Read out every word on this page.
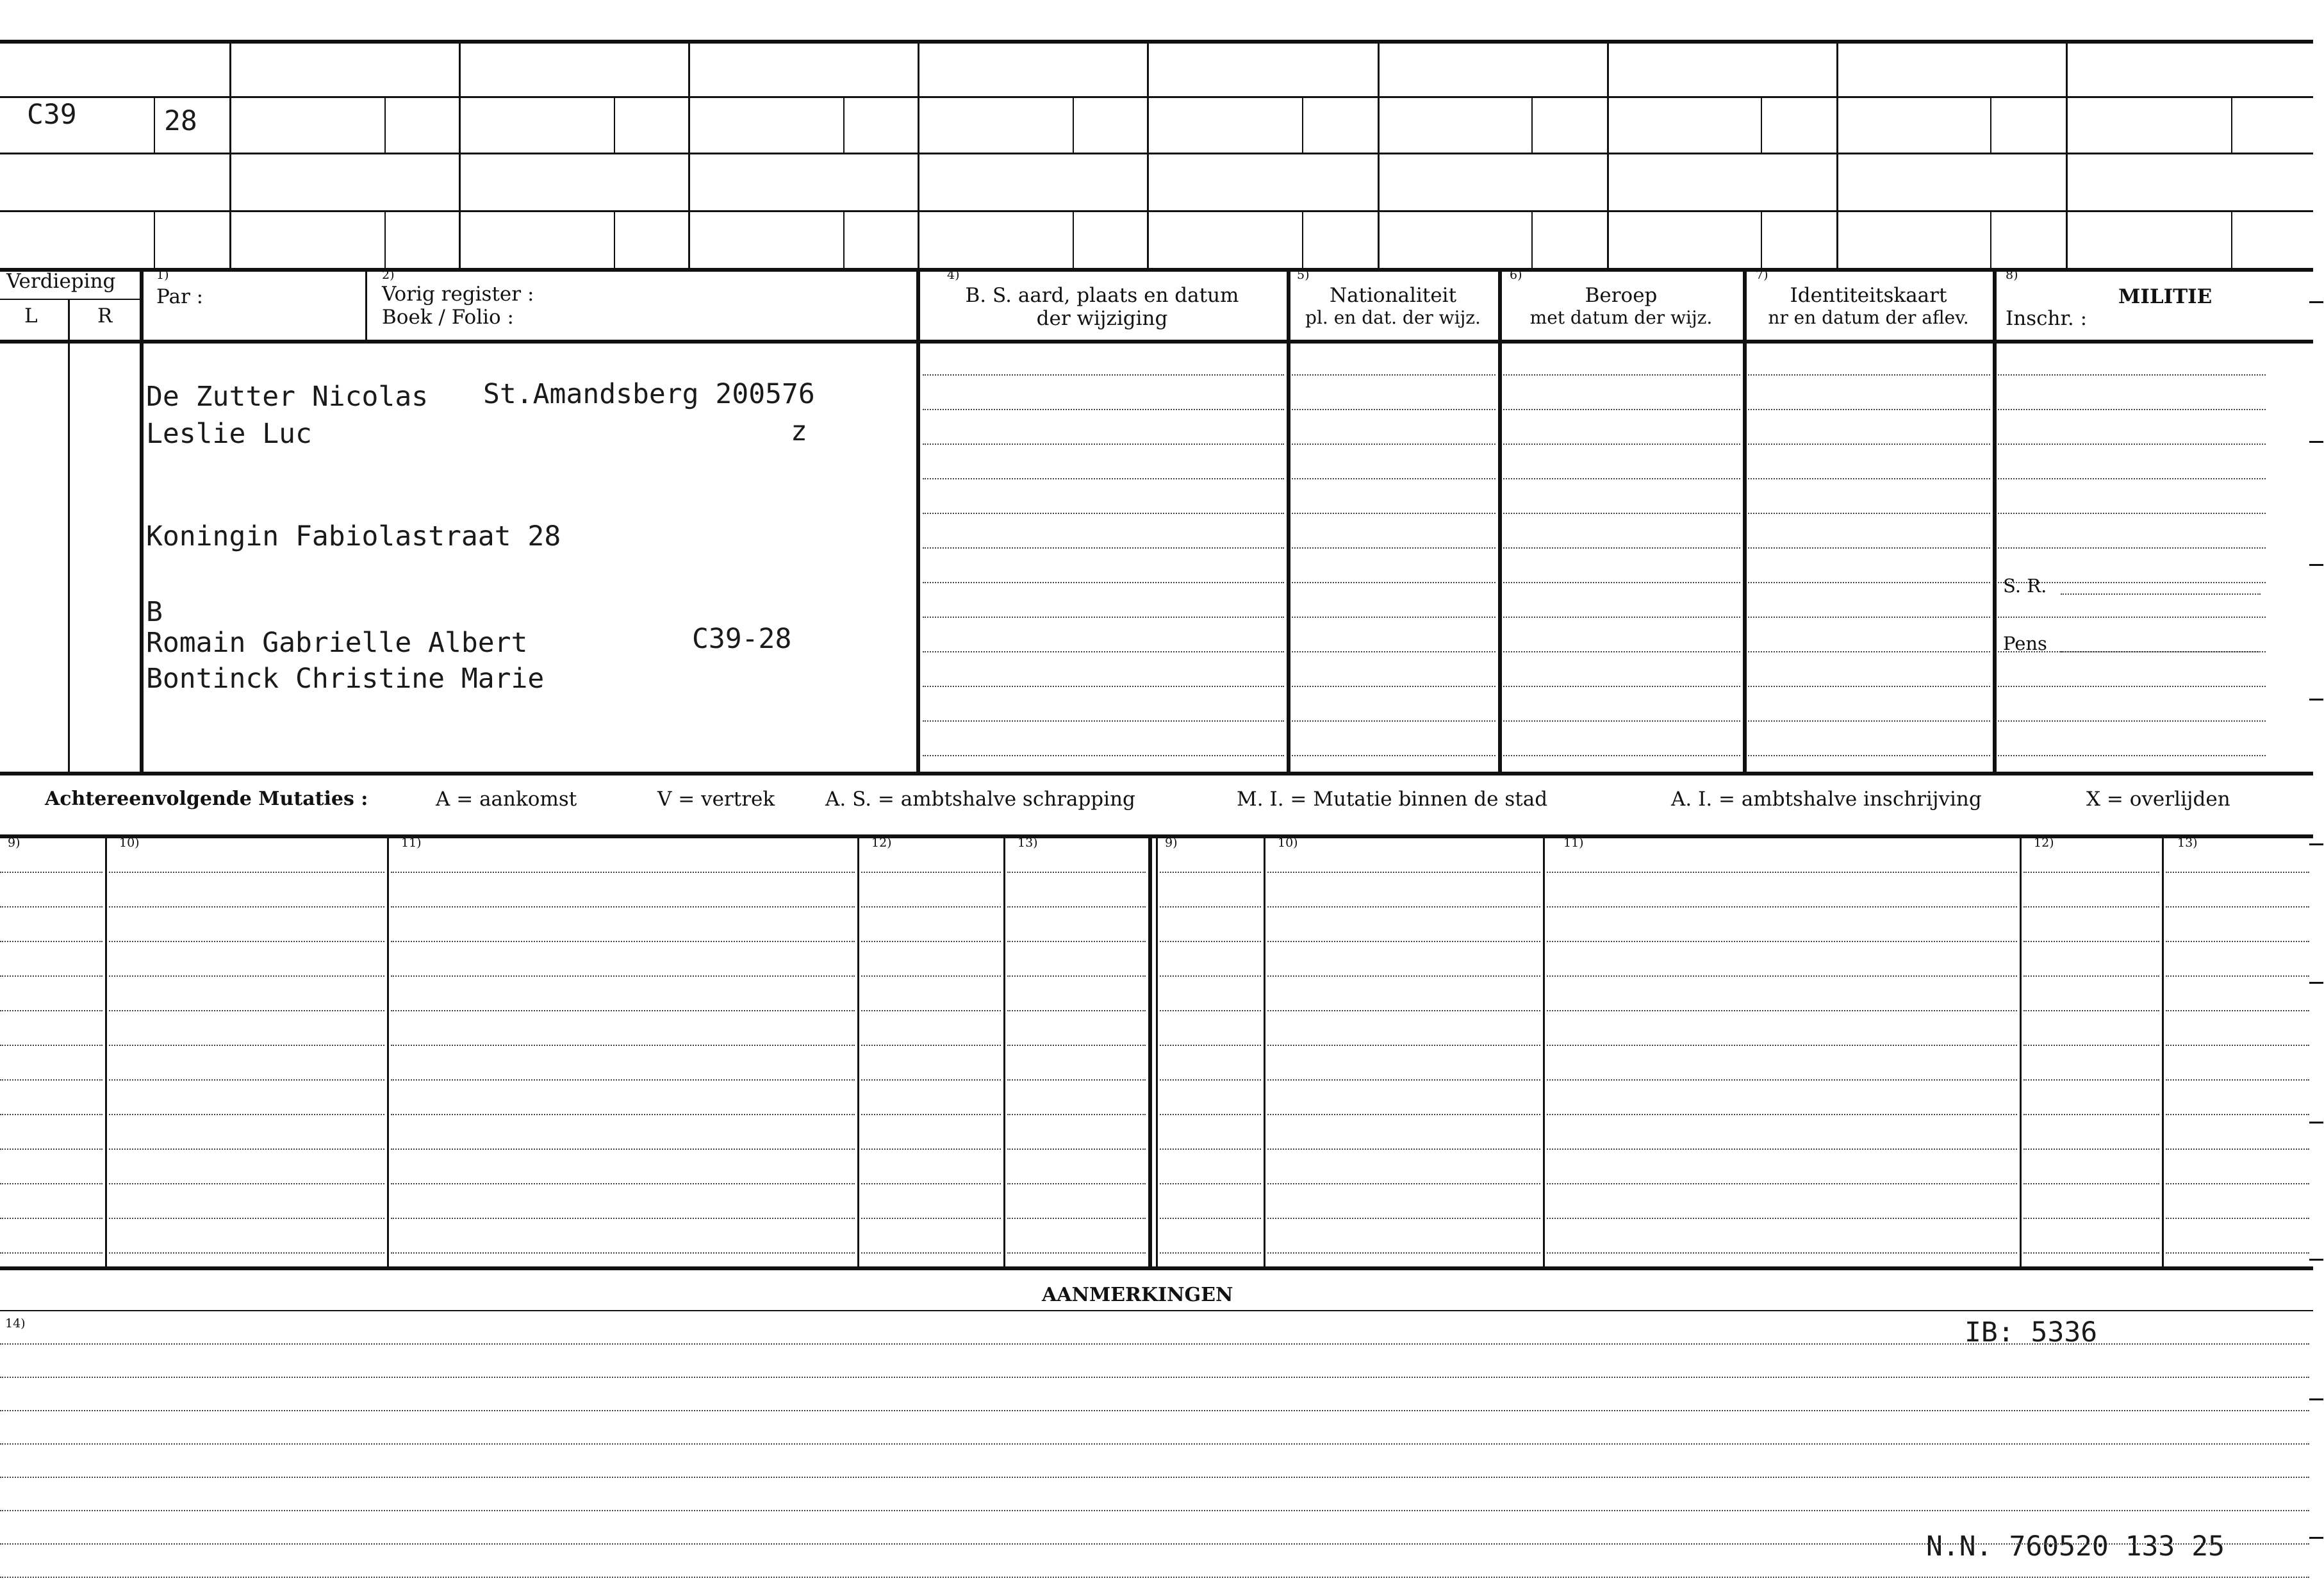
C39	28
Verdieping
L	R
1)
Par :
2)
Vorig register :
Boek / Folio :
4)
B. S. aard, plaats en datum
der wijziging
5)
Nationaliteit
pl. en dat. der wijz.
6)
Beroep
met datum der wijz.
7)
Identiteitskaart
nr en datum der aflev.
8)
MILITIE
Inschr. :
De Zutter Nicolas St.Amandsberg 200576
Leslie Luc	z
Koningin Fabiolastraat 28
B
Romain Gabrielle Albert	C39-28
Bontinck Christine Marie
S. R.
Pens
Achtereenvolgende Mutaties :	A = aankomst	V = vertrek	A. S. = ambtshalve schrapping	M. I. = Mutatie binnen de stad	A. I. = ambtshalve inschrijving	X = overlijden
9)	10)	11)	12)	13)	9)	10)	11)	12)	13)
AANMERKINGEN
14)	IB: 5336
N.N. 760520 133 25
